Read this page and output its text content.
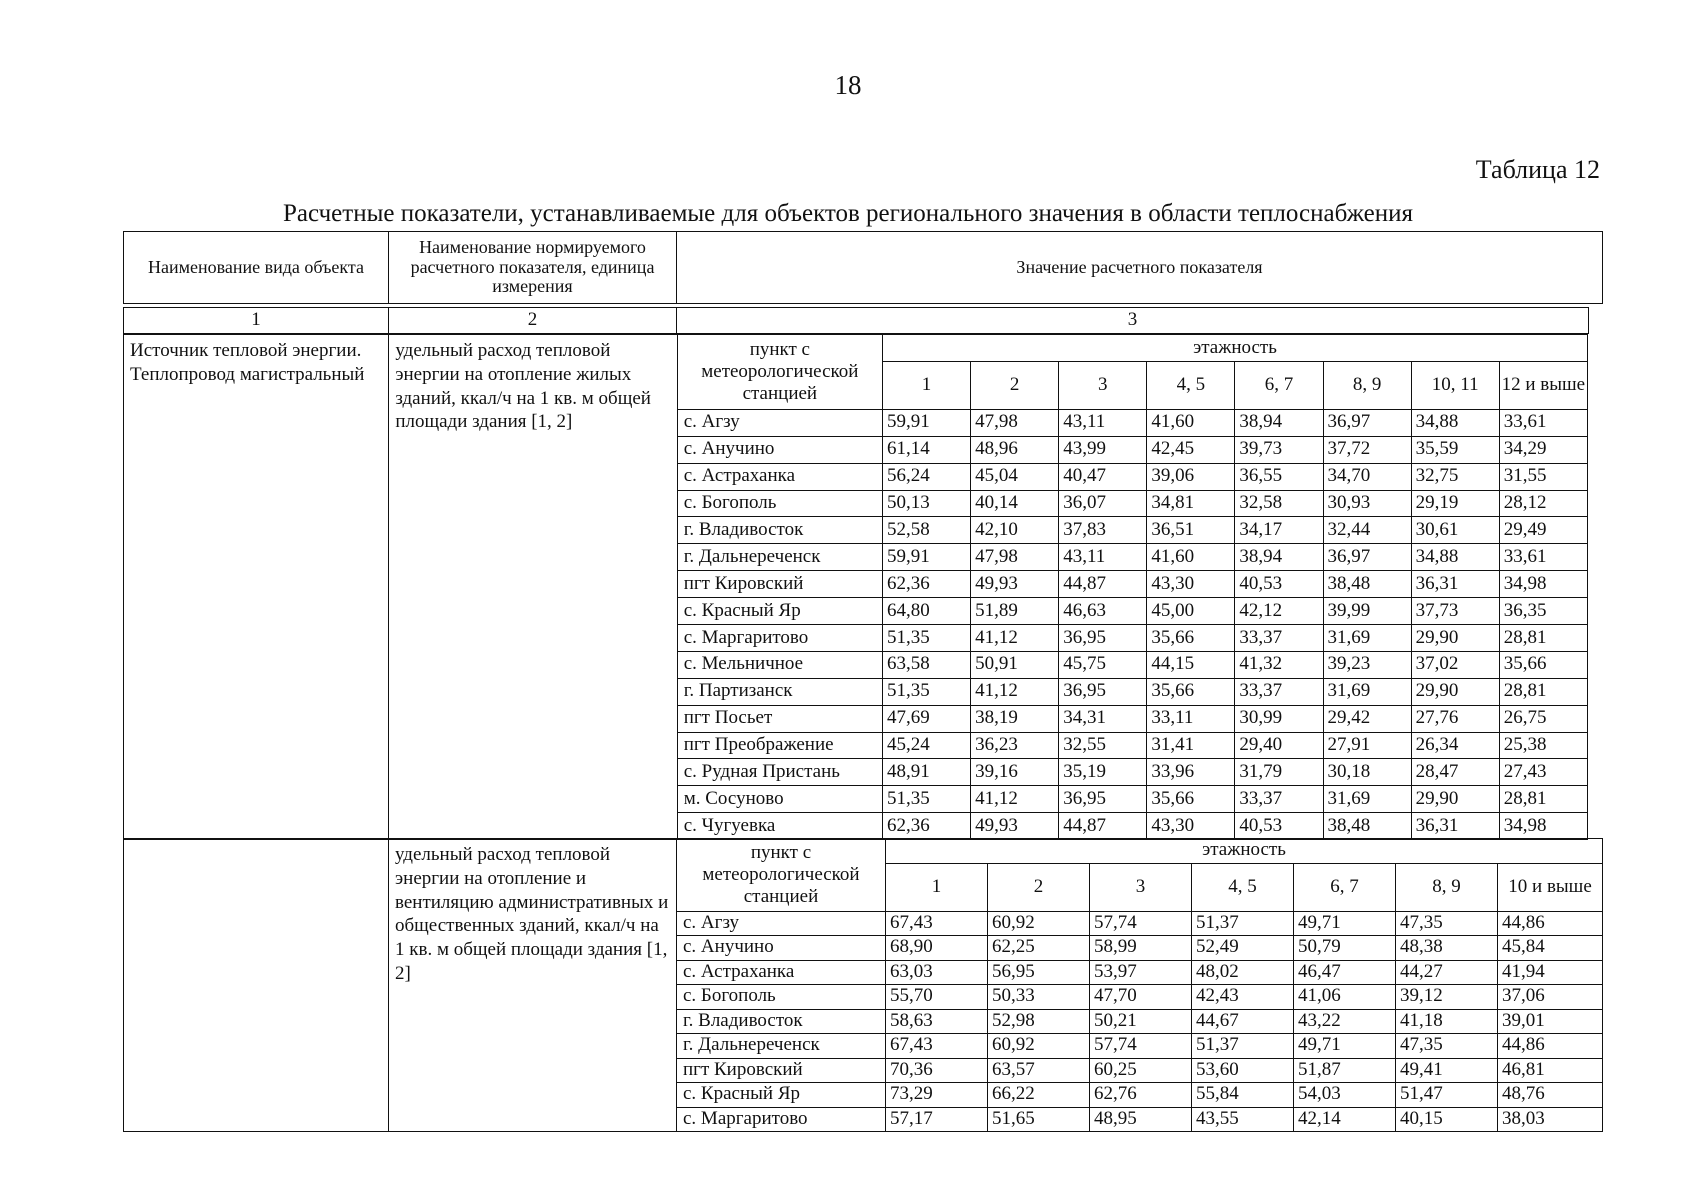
18
Таблица 12
Расчетные показатели, устанавливаемые для объектов регионального значения в области теплоснабжения
Наименование вида объекта	Наименование нормируемого расчетного показателя, единица измерения	Значение расчетного показателя
1	2	3
Источник тепловой энергии. Теплопровод магистральный	удельный расход тепловой энергии на отопление жилых зданий, ккал/ч на 1 кв. м общей площади здания [1, 2]	пункт с метеорологической станцией	этажность							
			1	2	3	4, 5	6, 7	8, 9	10, 11	12 и выше
		с. Агзу	59,91	47,98	43,11	41,60	38,94	36,97	34,88	33,61
		с. Анучино	61,14	48,96	43,99	42,45	39,73	37,72	35,59	34,29
		с. Астраханка	56,24	45,04	40,47	39,06	36,55	34,70	32,75	31,55
		с. Богополь	50,13	40,14	36,07	34,81	32,58	30,93	29,19	28,12
		г. Владивосток	52,58	42,10	37,83	36,51	34,17	32,44	30,61	29,49
		г. Дальнереченск	59,91	47,98	43,11	41,60	38,94	36,97	34,88	33,61
		пгт Кировский	62,36	49,93	44,87	43,30	40,53	38,48	36,31	34,98
		с. Красный Яр	64,80	51,89	46,63	45,00	42,12	39,99	37,73	36,35
		с. Маргаритово	51,35	41,12	36,95	35,66	33,37	31,69	29,90	28,81
		с. Мельничное	63,58	50,91	45,75	44,15	41,32	39,23	37,02	35,66
		г. Партизанск	51,35	41,12	36,95	35,66	33,37	31,69	29,90	28,81
		пгт Посьет	47,69	38,19	34,31	33,11	30,99	29,42	27,76	26,75
		пгт Преображение	45,24	36,23	32,55	31,41	29,40	27,91	26,34	25,38
		с. Рудная Пристань	48,91	39,16	35,19	33,96	31,79	30,18	28,47	27,43
		м. Сосуново	51,35	41,12	36,95	35,66	33,37	31,69	29,90	28,81
		с. Чугуевка	62,36	49,93	44,87	43,30	40,53	38,48	36,31	34,98
	удельный расход тепловой энергии на отопление и вентиляцию административных и общественных зданий, ккал/ч на 1 кв. м общей площади здания [1, 2]	пункт с метеорологической станцией	этажность						
			1	2	3	4, 5	6, 7	8, 9	10 и выше
		с. Агзу	67,43	60,92	57,74	51,37	49,71	47,35	44,86
		с. Анучино	68,90	62,25	58,99	52,49	50,79	48,38	45,84
		с. Астраханка	63,03	56,95	53,97	48,02	46,47	44,27	41,94
		с. Богополь	55,70	50,33	47,70	42,43	41,06	39,12	37,06
		г. Владивосток	58,63	52,98	50,21	44,67	43,22	41,18	39,01
		г. Дальнереченск	67,43	60,92	57,74	51,37	49,71	47,35	44,86
		пгт Кировский	70,36	63,57	60,25	53,60	51,87	49,41	46,81
		с. Красный Яр	73,29	66,22	62,76	55,84	54,03	51,47	48,76
		с. Маргаритово	57,17	51,65	48,95	43,55	42,14	40,15	38,03
